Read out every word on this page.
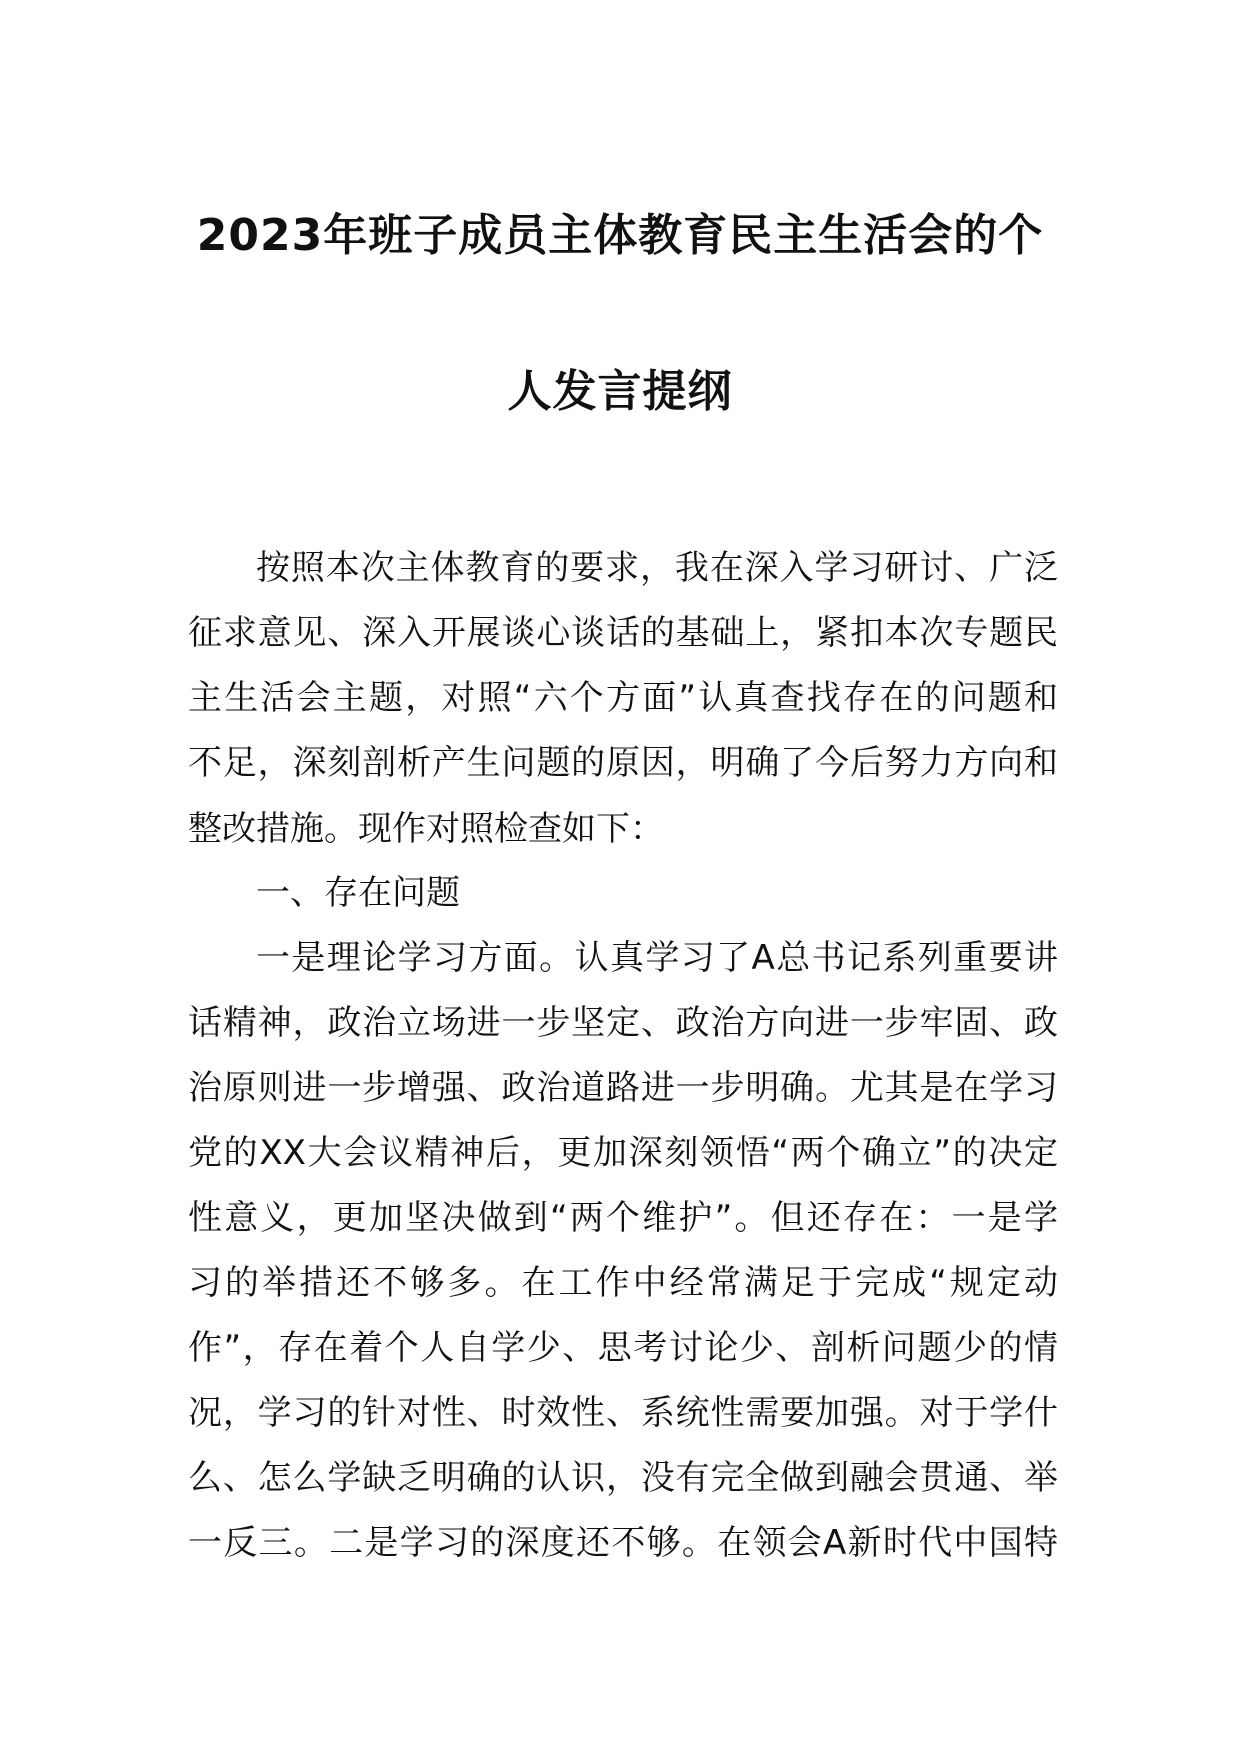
2023年班子成员主体教育民主生活会的个
人发言提纲
按照本次主体教育的要求，我在深入学习研讨、广泛
征求意见、深入开展谈心谈话的基础上，紧扣本次专题民
主生活会主题，对照“六个方面”认真查找存在的问题和
不足，深刻剖析产生问题的原因，明确了今后努力方向和
整改措施。现作对照检查如下：
一、存在问题
一是理论学习方面。认真学习了A总书记系列重要讲
话精神，政治立场进一步坚定、政治方向进一步牢固、政
治原则进一步增强、政治道路进一步明确。尤其是在学习
党的XX大会议精神后，更加深刻领悟“两个确立”的决定
性意义，更加坚决做到“两个维护”。但还存在：一是学
习的举措还不够多。在工作中经常满足于完成“规定动
作”，存在着个人自学少、思考讨论少、剖析问题少的情
况，学习的针对性、时效性、系统性需要加强。对于学什
么、怎么学缺乏明确的认识，没有完全做到融会贯通、举
一反三。二是学习的深度还不够。在领会A新时代中国特
